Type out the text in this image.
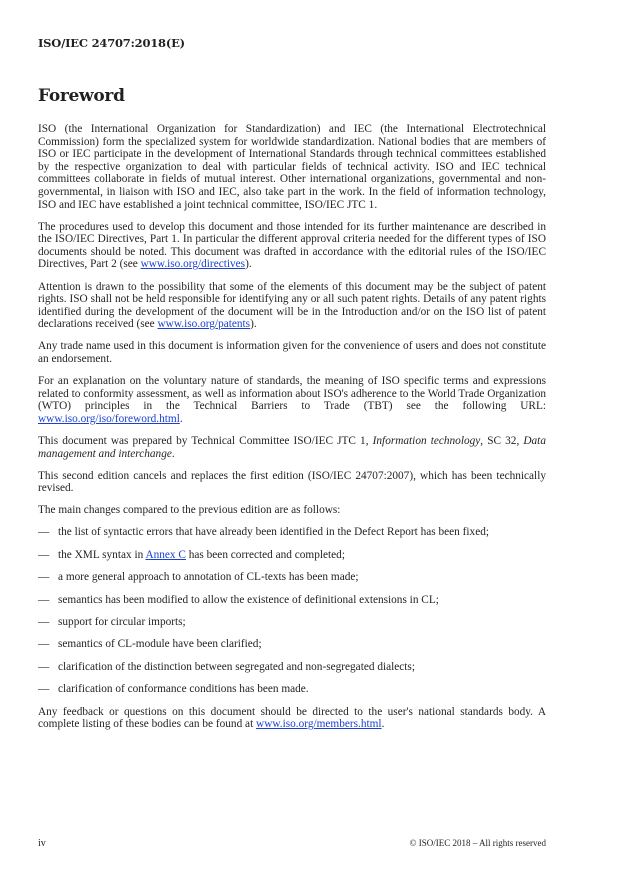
ISO/IEC 24707:2018(E)
Foreword

ISO (the International Organization for Standardization) and IEC (the International Electrotechnical Commission) form the specialized system for worldwide standardization. National bodies that are members of ISO or IEC participate in the development of International Standards through technical committees established by the respective organization to deal with particular fields of technical activity. ISO and IEC technical committees collaborate in fields of mutual interest. Other international organizations, governmental and non-governmental, in liaison with ISO and IEC, also take part in the work. In the field of information technology, ISO and IEC have established a joint technical committee, ISO/IEC JTC 1.

The procedures used to develop this document and those intended for its further maintenance are described in the ISO/IEC Directives, Part 1. In particular the different approval criteria needed for the different types of ISO documents should be noted. This document was drafted in accordance with the editorial rules of the ISO/IEC Directives, Part 2 (see www.iso.org/directives).

Attention is drawn to the possibility that some of the elements of this document may be the subject of patent rights. ISO shall not be held responsible for identifying any or all such patent rights. Details of any patent rights identified during the development of the document will be in the Introduction and/or on the ISO list of patent declarations received (see www.iso.org/patents).

Any trade name used in this document is information given for the convenience of users and does not constitute an endorsement.

For an explanation on the voluntary nature of standards, the meaning of ISO specific terms and expressions related to conformity assessment, as well as information about ISO's adherence to the World Trade Organization (WTO) principles in the Technical Barriers to Trade (TBT) see the following URL: www.iso.org/iso/foreword.html.

This document was prepared by Technical Committee ISO/IEC JTC 1, Information technology, SC 32, Data management and interchange.

This second edition cancels and replaces the first edition (ISO/IEC 24707:2007), which has been technically revised.

The main changes compared to the previous edition are as follows:

— the list of syntactic errors that have already been identified in the Defect Report has been fixed;
— the XML syntax in Annex C has been corrected and completed;
— a more general approach to annotation of CL-texts has been made;
— semantics has been modified to allow the existence of definitional extensions in CL;
— support for circular imports;
— semantics of CL-module have been clarified;
— clarification of the distinction between segregated and non-segregated dialects;
— clarification of conformance conditions has been made.

Any feedback or questions on this document should be directed to the user's national standards body. A complete listing of these bodies can be found at www.iso.org/members.html.

iv	© ISO/IEC 2018 – All rights reserved
